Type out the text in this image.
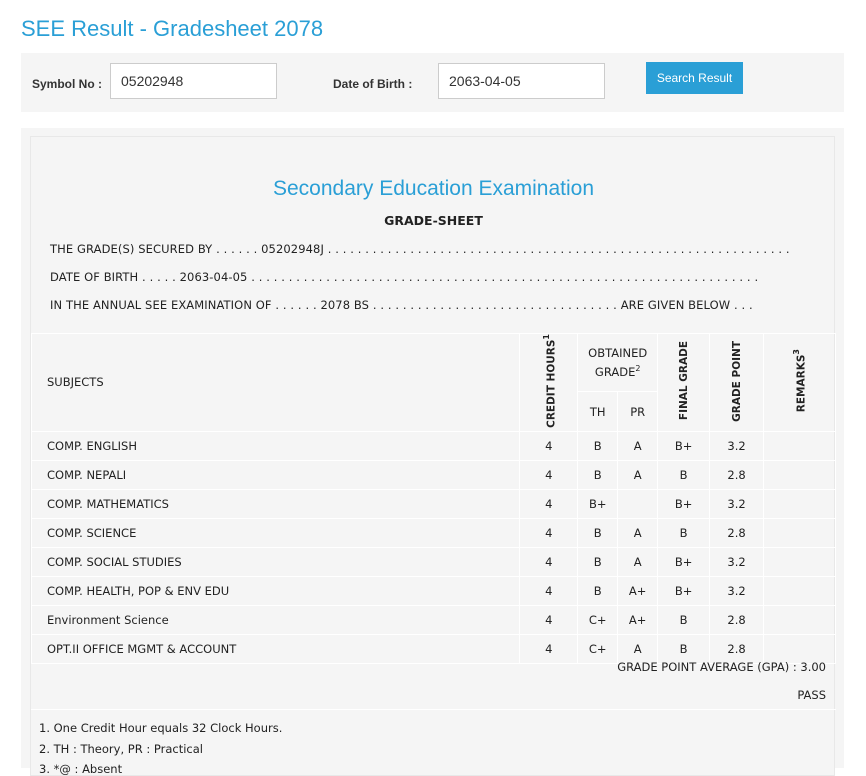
SEE Result - Gradesheet 2078
Symbol No :
05202948	Date of Birth :
2063-04-05	Search Result
Secondary Education Examination
GRADE-SHEET
THE GRADE(S) SECURED BY . . . . . . 05202948J . . . . . . . . . . . . . . . . . . . . . . . . . . . . . . . . . . . . . . . . . . . . . . . . . . . . . . . . . . . . . .
DATE OF BIRTH . . . . . 2063-04-05 . . . . . . . . . . . . . . . . . . . . . . . . . . . . . . . . . . . . . . . . . . . . . . . . . . . . . . . . . . . . . . . . . . . .
IN THE ANNUAL SEE EXAMINATION OF . . . . . . 2078 BS . . . . . . . . . . . . . . . . . . . . . . . . . . . . . . . . . ARE GIVEN BELOW . . .
SUBJECTS	CREDIT HOURS$^1$	OBTAINED GRADE$^2$		FINAL GRADE	GRADE POINT	REMARKS$^3$
		TH	PR			
COMP. ENGLISH	4	B	A	B+	3.2	
COMP. NEPALI	4	B	A	B	2.8	
COMP. MATHEMATICS	4	B+		B+	3.2	
COMP. SCIENCE	4	B	A	B	2.8	
COMP. SOCIAL STUDIES	4	B	A	B+	3.2	
COMP. HEALTH, POP & ENV EDU	4	B	A+	B+	3.2	
Environment Science	4	C+	A+	B	2.8	
OPT.II OFFICE MGMT & ACCOUNT	4	C+	A	B	2.8	
GRADE POINT AVERAGE (GPA) : 3.00
PASS
1. One Credit Hour equals 32 Clock Hours.
2. TH : Theory, PR : Practical
3. *@ : Absent
